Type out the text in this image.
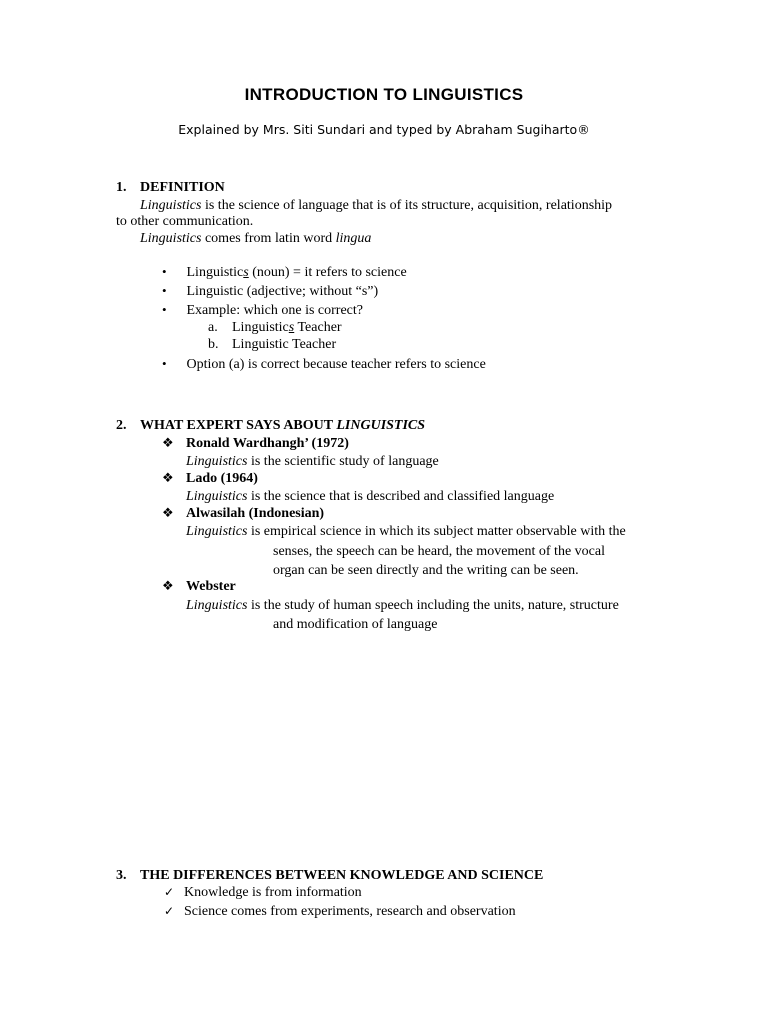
INTRODUCTION TO LINGUISTICS
Explained by Mrs. Siti Sundari and typed by Abraham Sugiharto®
1. DEFINITION
Linguistics is the science of language that is of its structure, acquisition, relationship
to other communication.
Linguistics comes from latin word lingua
• Linguistics (noun) = it refers to science
• Linguistic (adjective; without “s”)
• Example: which one is correct?
a. Linguistics Teacher
b. Linguistic Teacher
• Option (a) is correct because teacher refers to science
2. WHAT EXPERT SAYS ABOUT LINGUISTICS
❖ Ronald Wardhangh’ (1972)
Linguistics is the scientific study of language
❖ Lado (1964)
Linguistics is the science that is described and classified language
❖ Alwasilah (Indonesian)
Linguistics is empirical science in which its subject matter observable with the
senses, the speech can be heard, the movement of the vocal
organ can be seen directly and the writing can be seen.
❖ Webster
Linguistics is the study of human speech including the units, nature, structure
and modification of language
3. THE DIFFERENCES BETWEEN KNOWLEDGE AND SCIENCE
✓ Knowledge is from information
✓ Science comes from experiments, research and observation
